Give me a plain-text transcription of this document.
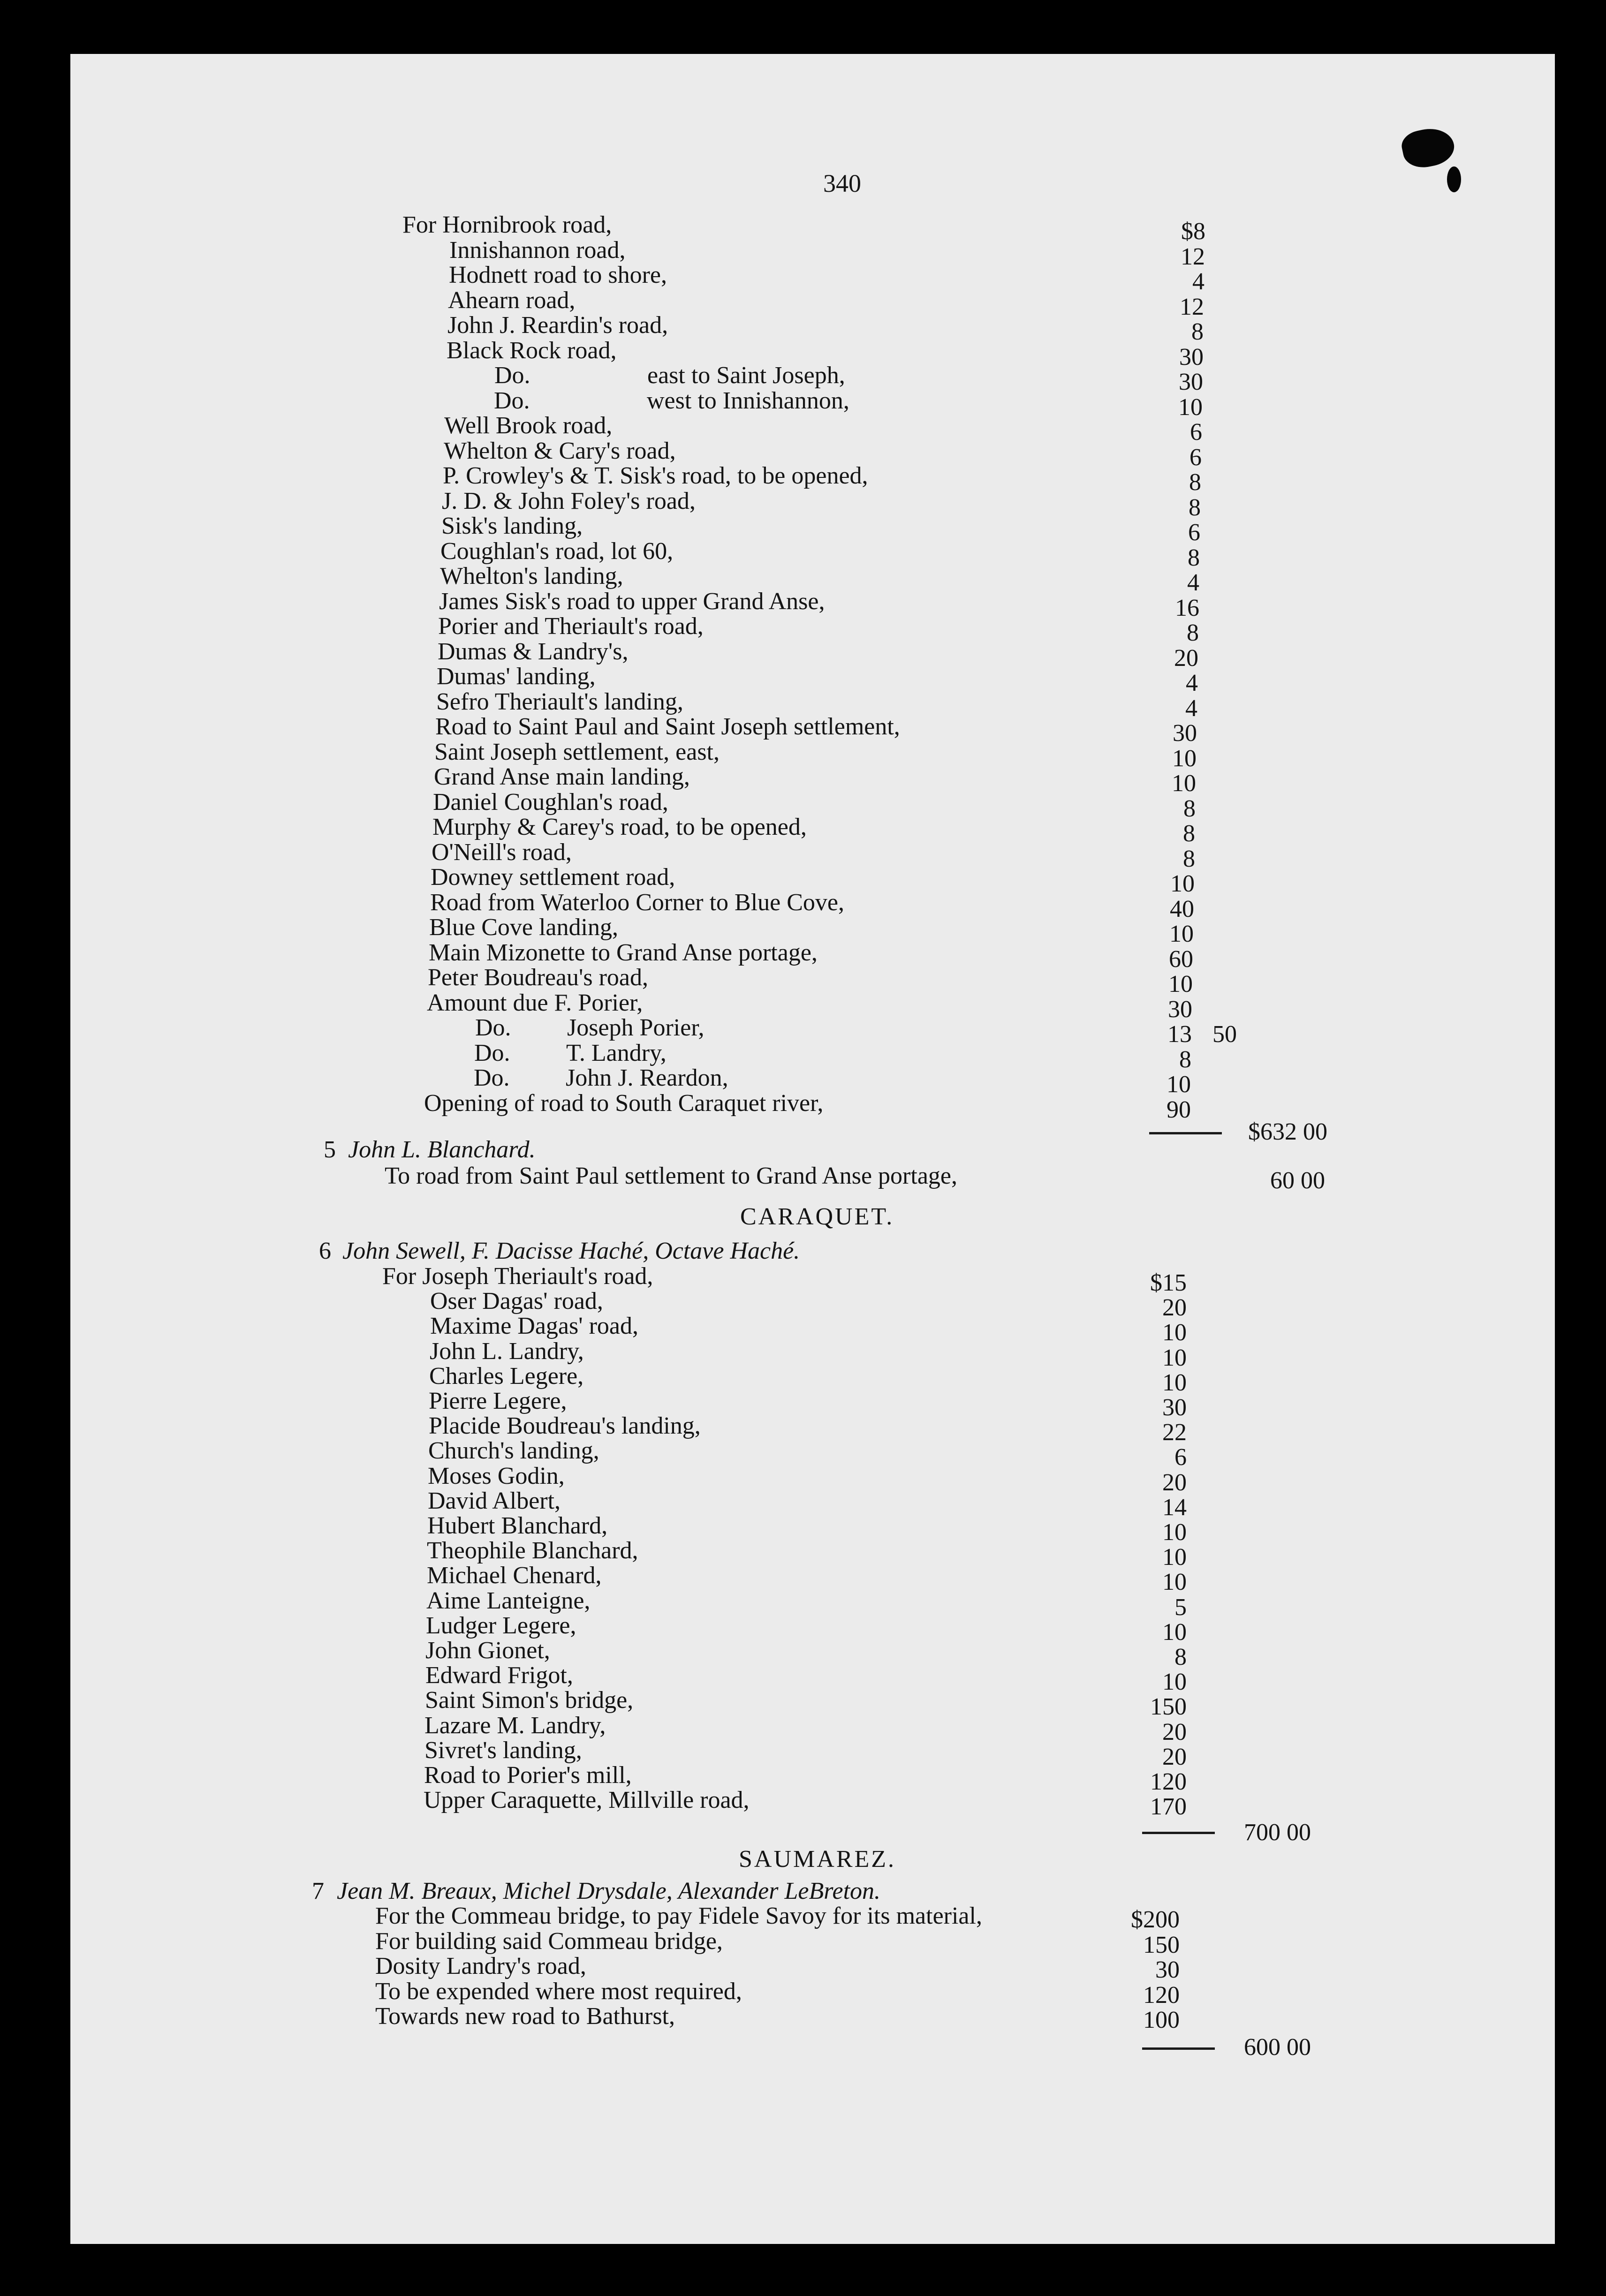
340
For Hornibrook road,	$8
Innishannon road,	12
Hodnett road to shore,	4
Ahearn road,	12
John J. Reardin's road,	8
Black Rock road,	30
Do.	east to Saint Joseph,	30
Do.	west to Innishannon,	10
Well Brook road,	6
Whelton & Cary's road,	6
P. Crowley's & T. Sisk's road, to be opened,	8
J. D. & John Foley's road,	8
Sisk's landing,	6
Coughlan's road, lot 60,	8
Whelton's landing,	4
James Sisk's road to upper Grand Anse,	16
Porier and Theriault's road,	8
Dumas & Landry's,	20
Dumas' landing,	4
Sefro Theriault's landing,	4
Road to Saint Paul and Saint Joseph settlement,	30
Saint Joseph settlement, east,	10
Grand Anse main landing,	10
Daniel Coughlan's road,	8
Murphy & Carey's road, to be opened,	8
O'Neill's road,	8
Downey settlement road,	10
Road from Waterloo Corner to Blue Cove,	40
Blue Cove landing,	10
Main Mizonette to Grand Anse portage,	60
Peter Boudreau's road,	10
Amount due F. Porier,	30
Do. Joseph Porier,	13 50
Do. T. Landry,	8
Do. John J. Reardon,	10
Opening of road to South Caraquet river,	90
$632 00
5 John L. Blanchard.
To road from Saint Paul settlement to Grand Anse portage,	60 00
CARAQUET.
6 John Sewell, F. Dacisse Haché, Octave Haché.
For Joseph Theriault's road,	$15
Oser Dagas' road,	20
Maxime Dagas' road,	10
John L. Landry,	10
Charles Legere,	10
Pierre Legere,	30
Placide Boudreau's landing,	22
Church's landing,	6
Moses Godin,	20
David Albert,	14
Hubert Blanchard,	10
Theophile Blanchard,	10
Michael Chenard,	10
Aime Lanteigne,	5
Ludger Legere,	10
John Gionet,	8
Edward Frigot,	10
Saint Simon's bridge,	150
Lazare M. Landry,	20
Sivret's landing,	20
Road to Porier's mill,	120
Upper Caraquette, Millville road,	170
700 00
SAUMAREZ.
7 Jean M. Breaux, Michel Drysdale, Alexander LeBreton.
For the Commeau bridge, to pay Fidele Savoy for its material,	$200
For building said Commeau bridge,	150
Dosity Landry's road,	30
To be expended where most required,	120
Towards new road to Bathurst,	100
600 00
